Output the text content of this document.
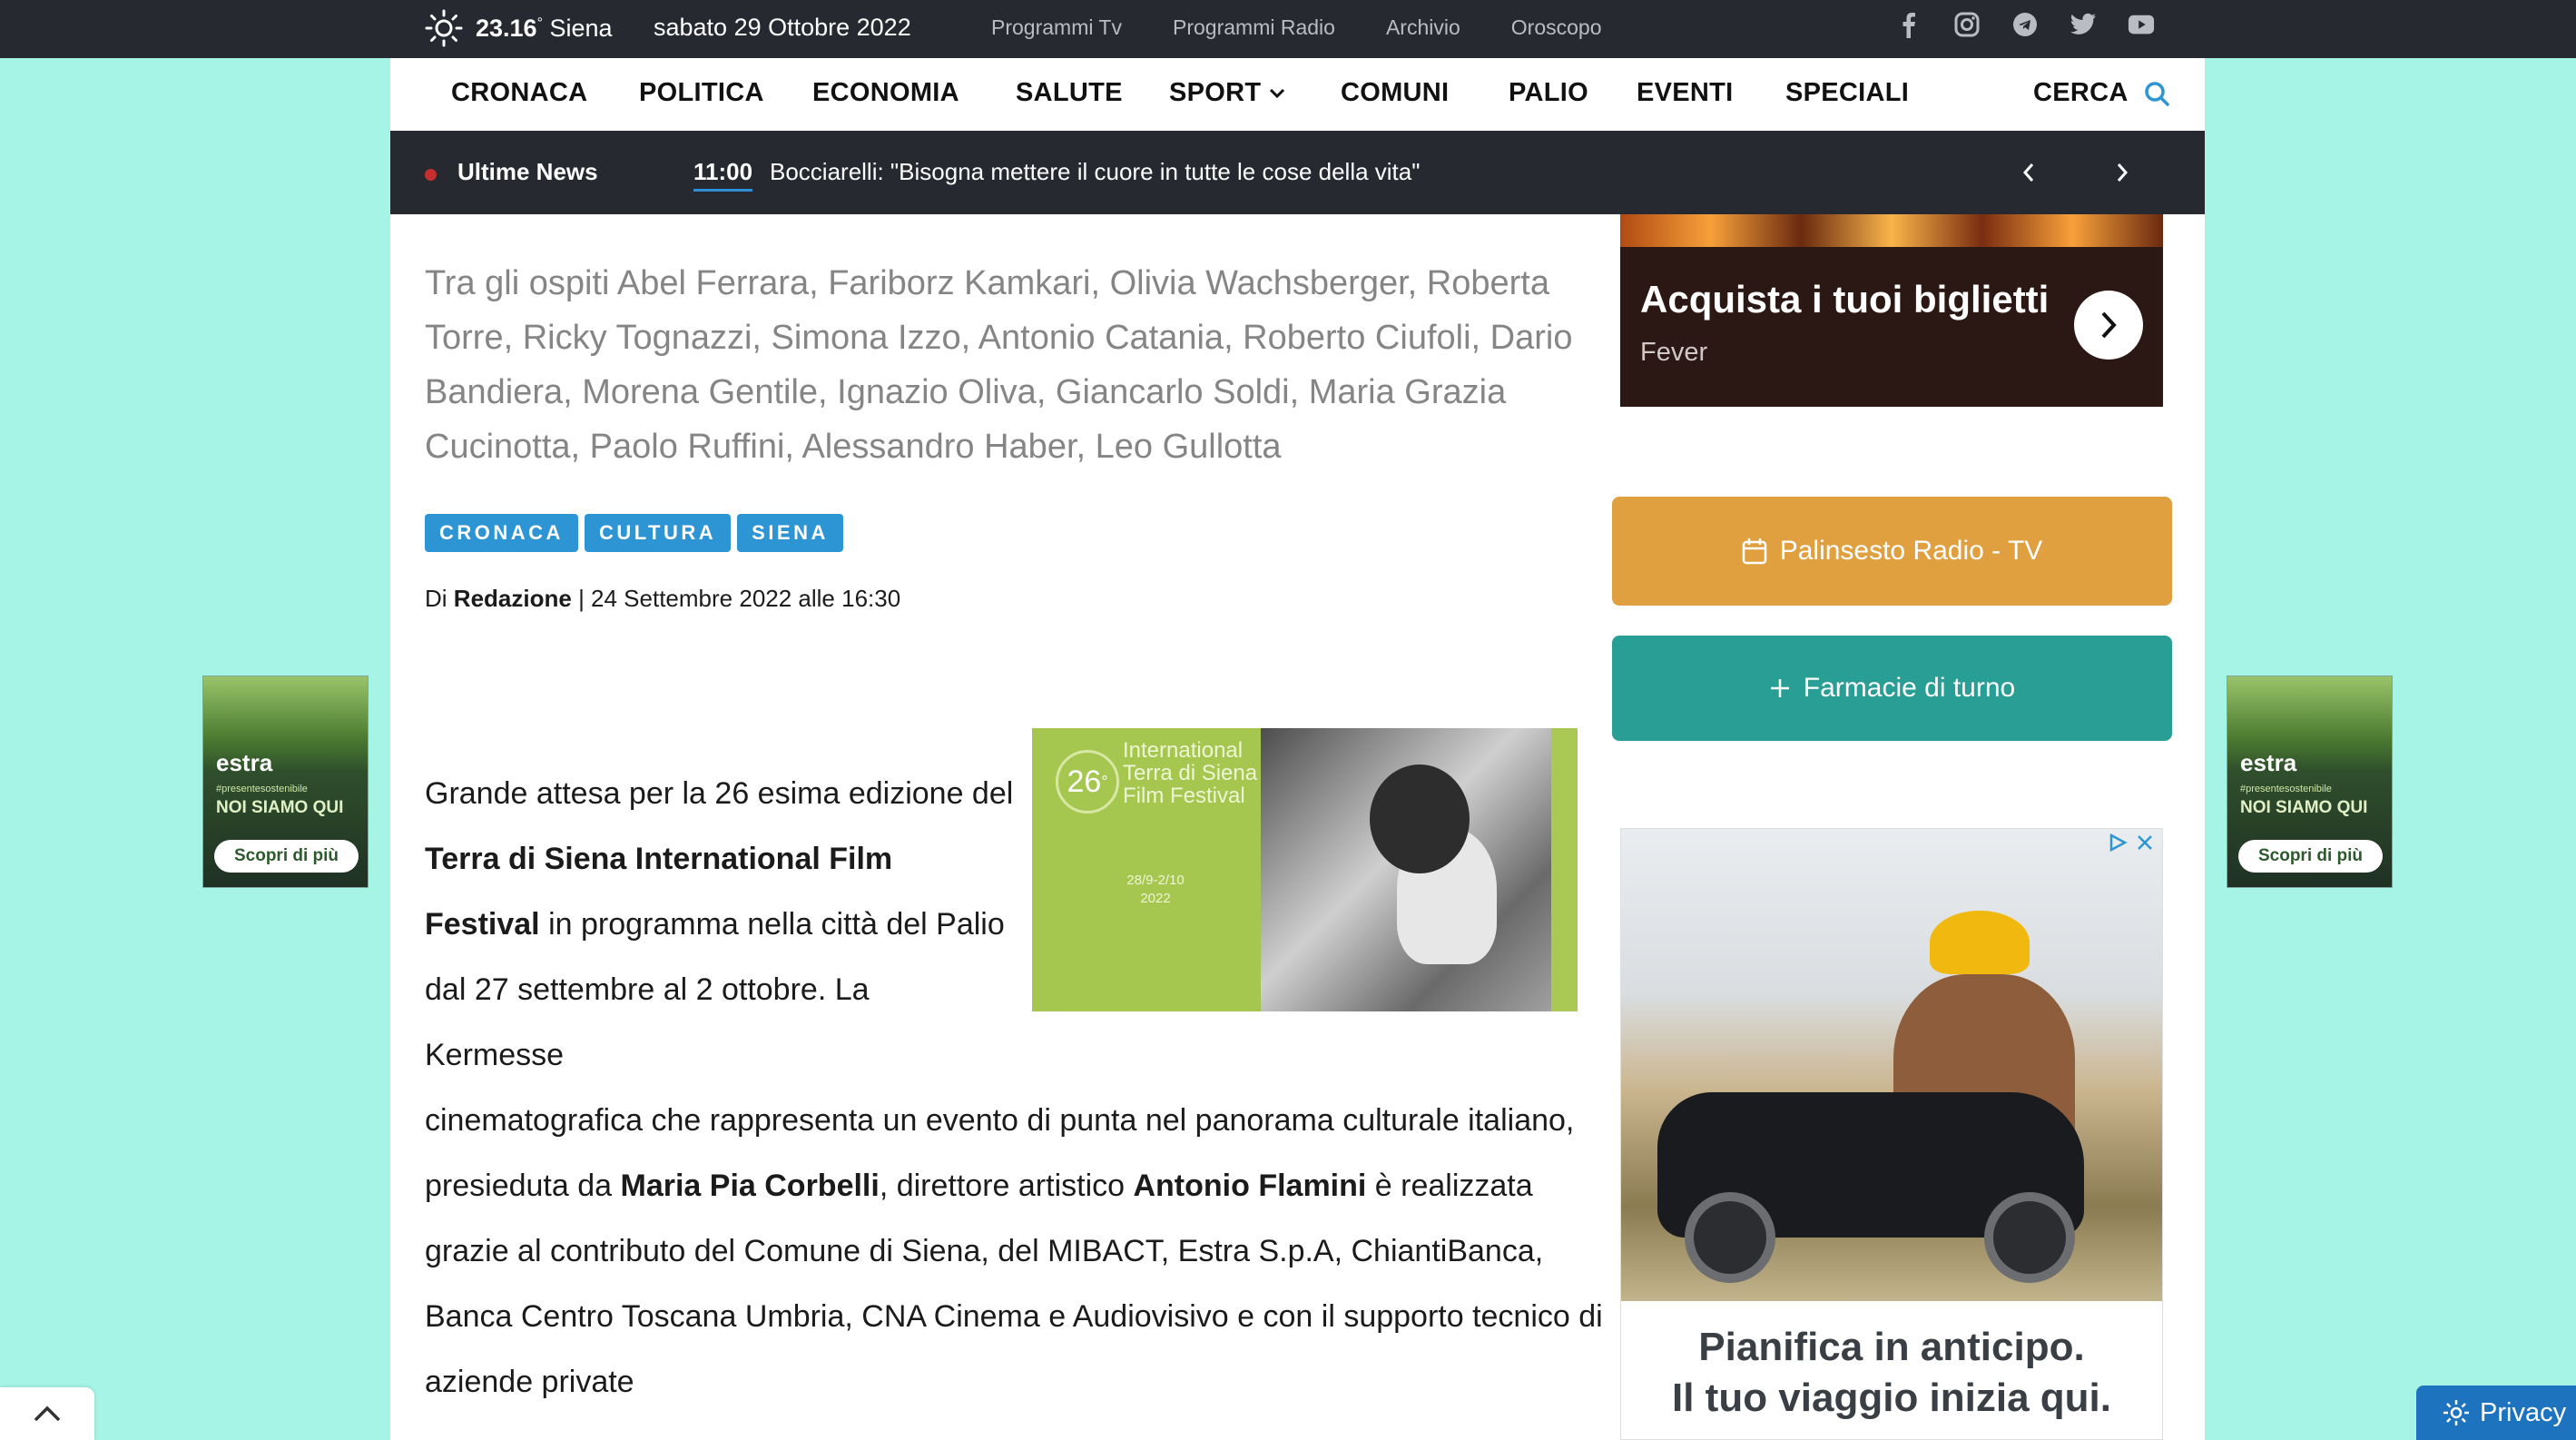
23.16° Siena sabato 29 Ottobre 2022	Programmi Tv Programmi Radio Archivio Oroscopo
estra
#presentesostenibile
NOI SIAMO QUI
Scopri di più
estra
#presentesostenibile
NOI SIAMO QUI
Scopri di più
CRONACA POLITICA ECONOMIA SALUTE SPORT	COMUNI PALIO EVENTI SPECIALI	CERCA
Ultime News	11:00 Bocciarelli: "Bisogna mettere il cuore in tutte le cose della vita"

Tra gli ospiti Abel Ferrara, Fariborz Kamkari, Olivia Wachsberger, Roberta Torre, Ricky Tognazzi, Simona Izzo, Antonio Catania, Roberto Ciufoli, Dario Bandiera, Morena Gentile, Ignazio Oliva, Giancarlo Soldi, Maria Grazia Cucinotta, Paolo Ruffini, Alessandro Haber, Leo Gullotta

CRONACA	CULTURA	SIENA
Di Redazione | 24 Settembre 2022 alle 16:30

Grande attesa per la 26 esima edizione del Terra di Siena International Film Festival in programma nella città del Palio dal 27 settembre al 2 ottobre. La Kermesse

26 °
International
Terra di Siena
Film Festival
28/9-2/10
2022

cinematografica che rappresenta un evento di punta nel panorama culturale italiano, presieduta da Maria Pia Corbelli, direttore artistico Antonio Flamini è realizzata grazie al contributo del Comune di Siena, del MIBACT, Estra S.p.A, ChiantiBanca, Banca Centro Toscana Umbria, CNA Cinema e Audiovisivo e con il supporto tecnico di aziende private

Acquista i tuoi biglietti
Fever
Palinsesto Radio - TV
Farmacie di turno
Pianifica in anticipo.
Il tuo viaggio inizia qui.	Privacy
